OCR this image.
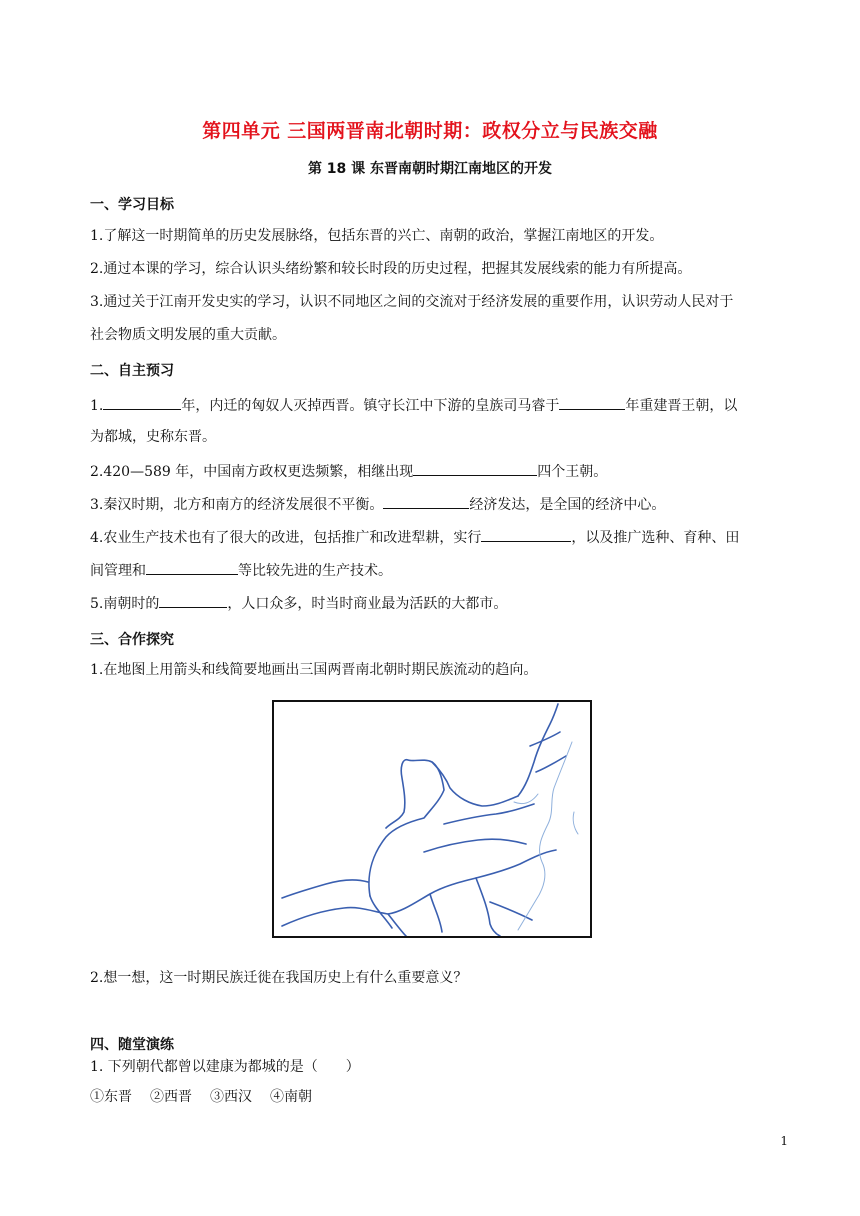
第四单元 三国两晋南北朝时期：政权分立与民族交融
第 18 课 东晋南朝时期江南地区的开发
一、学习目标
1.了解这一时期简单的历史发展脉络，包括东晋的兴亡、南朝的政治，掌握江南地区的开发。
2.通过本课的学习，综合认识头绪纷繁和较长时段的历史过程，把握其发展线索的能力有所提高。
3.通过关于江南开发史实的学习，认识不同地区之间的交流对于经济发展的重要作用，认识劳动人民对于
社会物质文明发展的重大贡献。
二、自主预习
1.	年，内迁的匈奴人灭掉西晋。镇守长江中下游的皇族司马睿于	年重建晋王朝，以
为都城，史称东晋。
2.420—589 年，中国南方政权更迭频繁，相继出现	四个王朝。
3.秦汉时期，北方和南方的经济发展很不平衡。	经济发达，是全国的经济中心。
4.农业生产技术也有了很大的改进，包括推广和改进犁耕，实行	，以及推广选种、育种、田
间管理和	等比较先进的生产技术。
5.南朝时的	，人口众多，时当时商业最为活跃的大都市。
三、合作探究
1.在地图上用箭头和线简要地画出三国两晋南北朝时期民族流动的趋向。
2.想一想，这一时期民族迁徙在我国历史上有什么重要意义？
四、随堂演练
1. 下列朝代都曾以建康为都城的是（　　）
①东晋 ②西晋 ③西汉 ④南朝
1
